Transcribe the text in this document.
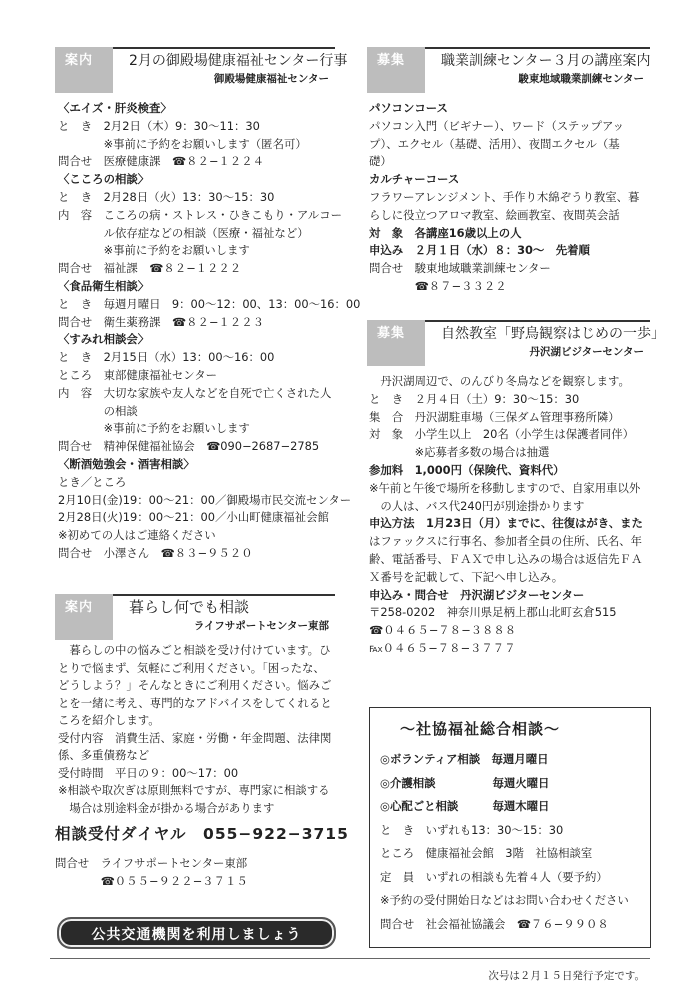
案内	2月の御殿場健康福祉センター行事
御殿場健康福祉センター
〈エイズ・肝炎検査〉
と　き　2月2日（木）9：30〜11：30
　　　　※事前に予約をお願いします（匿名可）
問合せ　医療健康課　☎８２−１２２４
〈こころの相談〉
と　き　2月28日（火）13：30〜15：30
内　容　こころの病・ストレス・ひきこもり・アルコー
　　　　ル依存症などの相談（医療・福祉など）
　　　　※事前に予約をお願いします
問合せ　福祉課　☎８２−１２２２
〈食品衛生相談〉
と　き　毎週月曜日　9：00〜12：00、13：00〜16：00
問合せ　衛生薬務課　☎８２−１２２３
〈すみれ相談会〉
と　き　2月15日（水）13：00〜16：00
ところ　東部健康福祉センター
内　容　大切な家族や友人などを自死で亡くされた人
　　　　の相談
　　　　※事前に予約をお願いします
問合せ　精神保健福祉協会　☎090−2687−2785
〈断酒勉強会・酒害相談〉
とき／ところ
2月10日(金)19：00〜21：00／御殿場市民交流センター
2月28日(火)19：00〜21：00／小山町健康福祉会館
※初めての人はご連絡ください
問合せ　小澤さん　☎８３−９５２０
案内 暮らし何でも相談
ライフサポートセンター東部
　暮らしの中の悩みごと相談を受け付けています。ひ
とりで悩まず、気軽にご利用ください。「困ったな、
どうしよう？」そんなときにご利用ください。悩みご
とを一緒に考え、専門的なアドバイスをしてくれると
ころを紹介します。
受付内容　消費生活、家庭・労働・年金問題、法律関
係、多重債務など
受付時間　平日の９：00〜17：00
※相談や取次ぎは原則無料ですが、専門家に相談する
　場合は別途料金が掛かる場合があります
相談受付ダイヤル　055−922−3715
問合せ　ライフサポートセンター東部
　　　　☎０５５−９２２−３７１５
公共交通機関を利用しましょう
募集	職業訓練センター３月の講座案内
駿東地域職業訓練センター
パソコンコース
パソコン入門（ビギナー）、ワード（ステップアッ
プ）、エクセル（基礎、活用）、夜間エクセル（基
礎）
カルチャーコース
フラワーアレンジメント、手作り木綿ぞうり教室、暮
らしに役立つアロマ教室、絵画教室、夜間英会話
対　象　各講座16歳以上の人
申込み　２月１日（水）８：30〜　先着順
問合せ　駿東地域職業訓練センター
　　　　☎８７−３３２２
募集	自然教室「野鳥観察はじめの一歩」
丹沢湖ビジターセンター
　丹沢湖周辺で、のんびり冬鳥などを観察します。
と　き　２月４日（土）9：30〜15：30
集　合　丹沢湖駐車場（三保ダム管理事務所隣）
対　象　小学生以上　20名（小学生は保護者同伴）
　　　　※応募者多数の場合は抽選
参加料　1,000円（保険代、資料代）
※午前と午後で場所を移動しますので、自家用車以外
　の人は、バス代240円が別途掛かります
申込方法　1月23日（月）までに、往復はがき、また
はファックスに行事名、参加者全員の住所、氏名、年
齢、電話番号、ＦＡＸで申し込みの場合は返信先ＦＡ
Ｘ番号を記載して、下記へ申し込み。
申込み・問合せ　丹沢湖ビジターセンター
〒258-0202　神奈川県足柄上郡山北町玄倉515
☎０４６５−７８−３８８８
℻０４６５−７８−３７７７
〜社協福祉総合相談〜
◎ボランティア相談　毎週月曜日
◎介護相談　　　　　毎週火曜日
◎心配ごと相談　　　毎週木曜日
と　き　いずれも13：30〜15：30
ところ　健康福祉会館　3階　社協相談室
定　員　いずれの相談も先着４人（要予約）
※予約の受付開始日などはお問い合わせください
問合せ　社会福祉協議会　☎７６−９９０８
次号は２月１５日発行予定です。
